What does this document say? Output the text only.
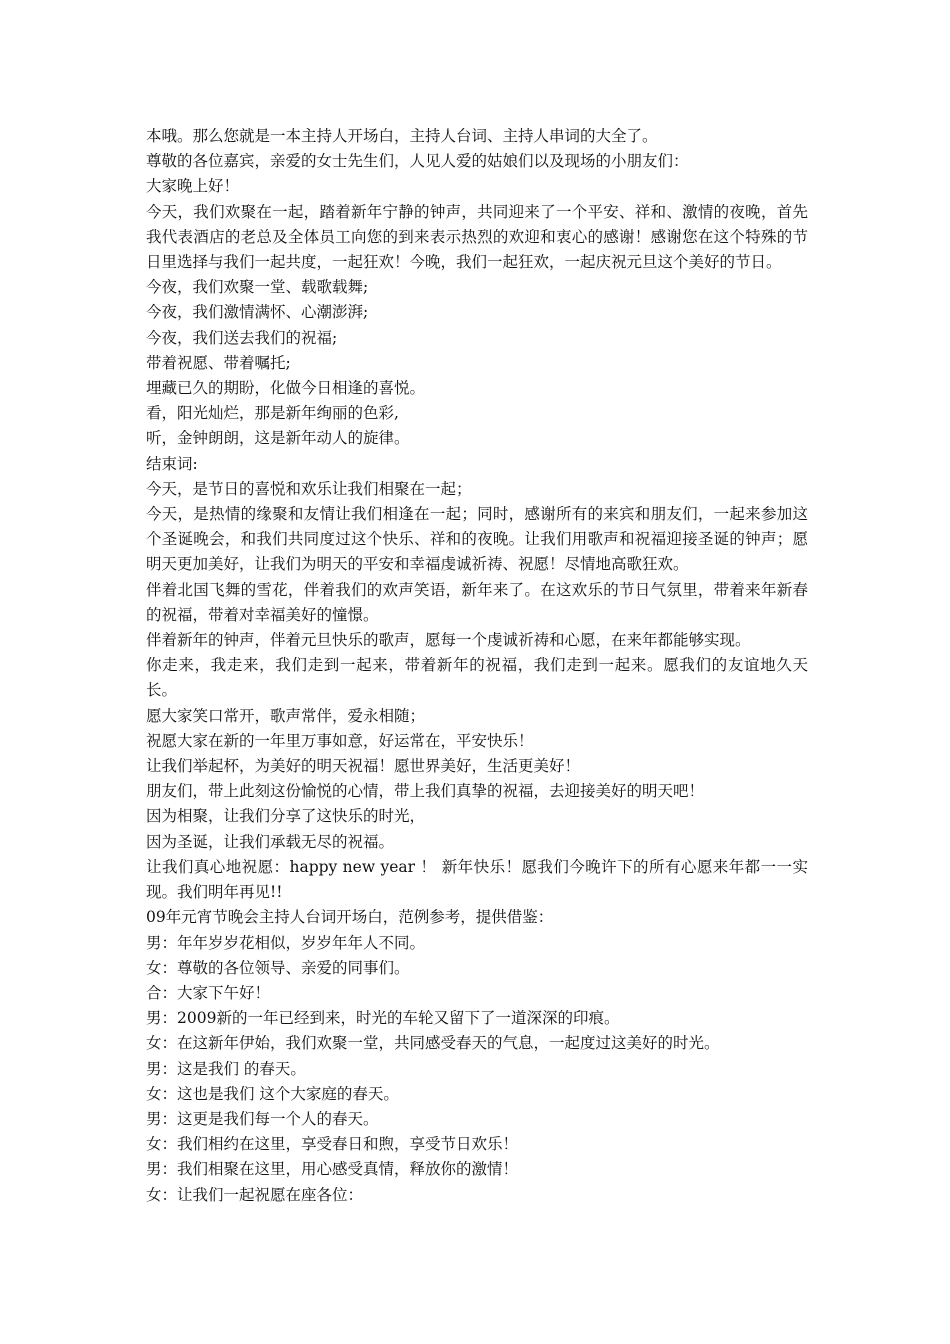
本哦。那么您就是一本主持人开场白，主持人台词、主持人串词的大全了。

尊敬的各位嘉宾，亲爱的女士先生们，人见人爱的姑娘们以及现场的小朋友们：

大家晚上好！

今天，我们欢聚在一起，踏着新年宁静的钟声，共同迎来了一个平安、祥和、激情的夜晚，首先我代表酒店的老总及全体员工向您的到来表示热烈的欢迎和衷心的感谢！感谢您在这个特殊的节日里选择与我们一起共度，一起狂欢！今晚，我们一起狂欢，一起庆祝元旦这个美好的节日。

今夜，我们欢聚一堂、载歌载舞;

今夜，我们激情满怀、心潮澎湃;

今夜，我们送去我们的祝福;

带着祝愿、带着嘱托;

埋藏已久的期盼，化做今日相逢的喜悦。

看，阳光灿烂，那是新年绚丽的色彩,

听，金钟朗朗，这是新年动人的旋律。

结束词:

今天，是节日的喜悦和欢乐让我们相聚在一起；

今天，是热情的缘聚和友情让我们相逢在一起；同时，感谢所有的来宾和朋友们，一起来参加这个圣诞晚会，和我们共同度过这个快乐、祥和的夜晚。让我们用歌声和祝福迎接圣诞的钟声；愿明天更加美好，让我们为明天的平安和幸福虔诚祈祷、祝愿！尽情地高歌狂欢。

伴着北国飞舞的雪花，伴着我们的欢声笑语，新年来了。在这欢乐的节日气氛里，带着来年新春的祝福，带着对幸福美好的憧憬。

伴着新年的钟声，伴着元旦快乐的歌声，愿每一个虔诚祈祷和心愿，在来年都能够实现。

你走来，我走来，我们走到一起来，带着新年的祝福，我们走到一起来。愿我们的友谊地久天长。

愿大家笑口常开，歌声常伴，爱永相随；

祝愿大家在新的一年里万事如意，好运常在，平安快乐！

让我们举起杯，为美好的明天祝福！愿世界美好，生活更美好！

朋友们，带上此刻这份愉悦的心情，带上我们真挚的祝福，去迎接美好的明天吧！

因为相聚，让我们分享了这快乐的时光，

因为圣诞，让我们承载无尽的祝福。

让我们真心地祝愿：happy new year ！ 新年快乐！愿我们今晚许下的所有心愿来年都一一实现。我们明年再见!!

09年元宵节晚会主持人台词开场白，范例参考，提供借鉴：

男：年年岁岁花相似，岁岁年年人不同。

女：尊敬的各位领导、亲爱的同事们。

合：大家下午好！

男：2009新的一年已经到来，时光的车轮又留下了一道深深的印痕。

女：在这新年伊始，我们欢聚一堂，共同感受春天的气息，一起度过这美好的时光。

男：这是我们 的春天。

女：这也是我们 这个大家庭的春天。

男：这更是我们每一个人的春天。

女：我们相约在这里，享受春日和煦，享受节日欢乐！

男：我们相聚在这里，用心感受真情，释放你的激情！

女：让我们一起祝愿在座各位：
